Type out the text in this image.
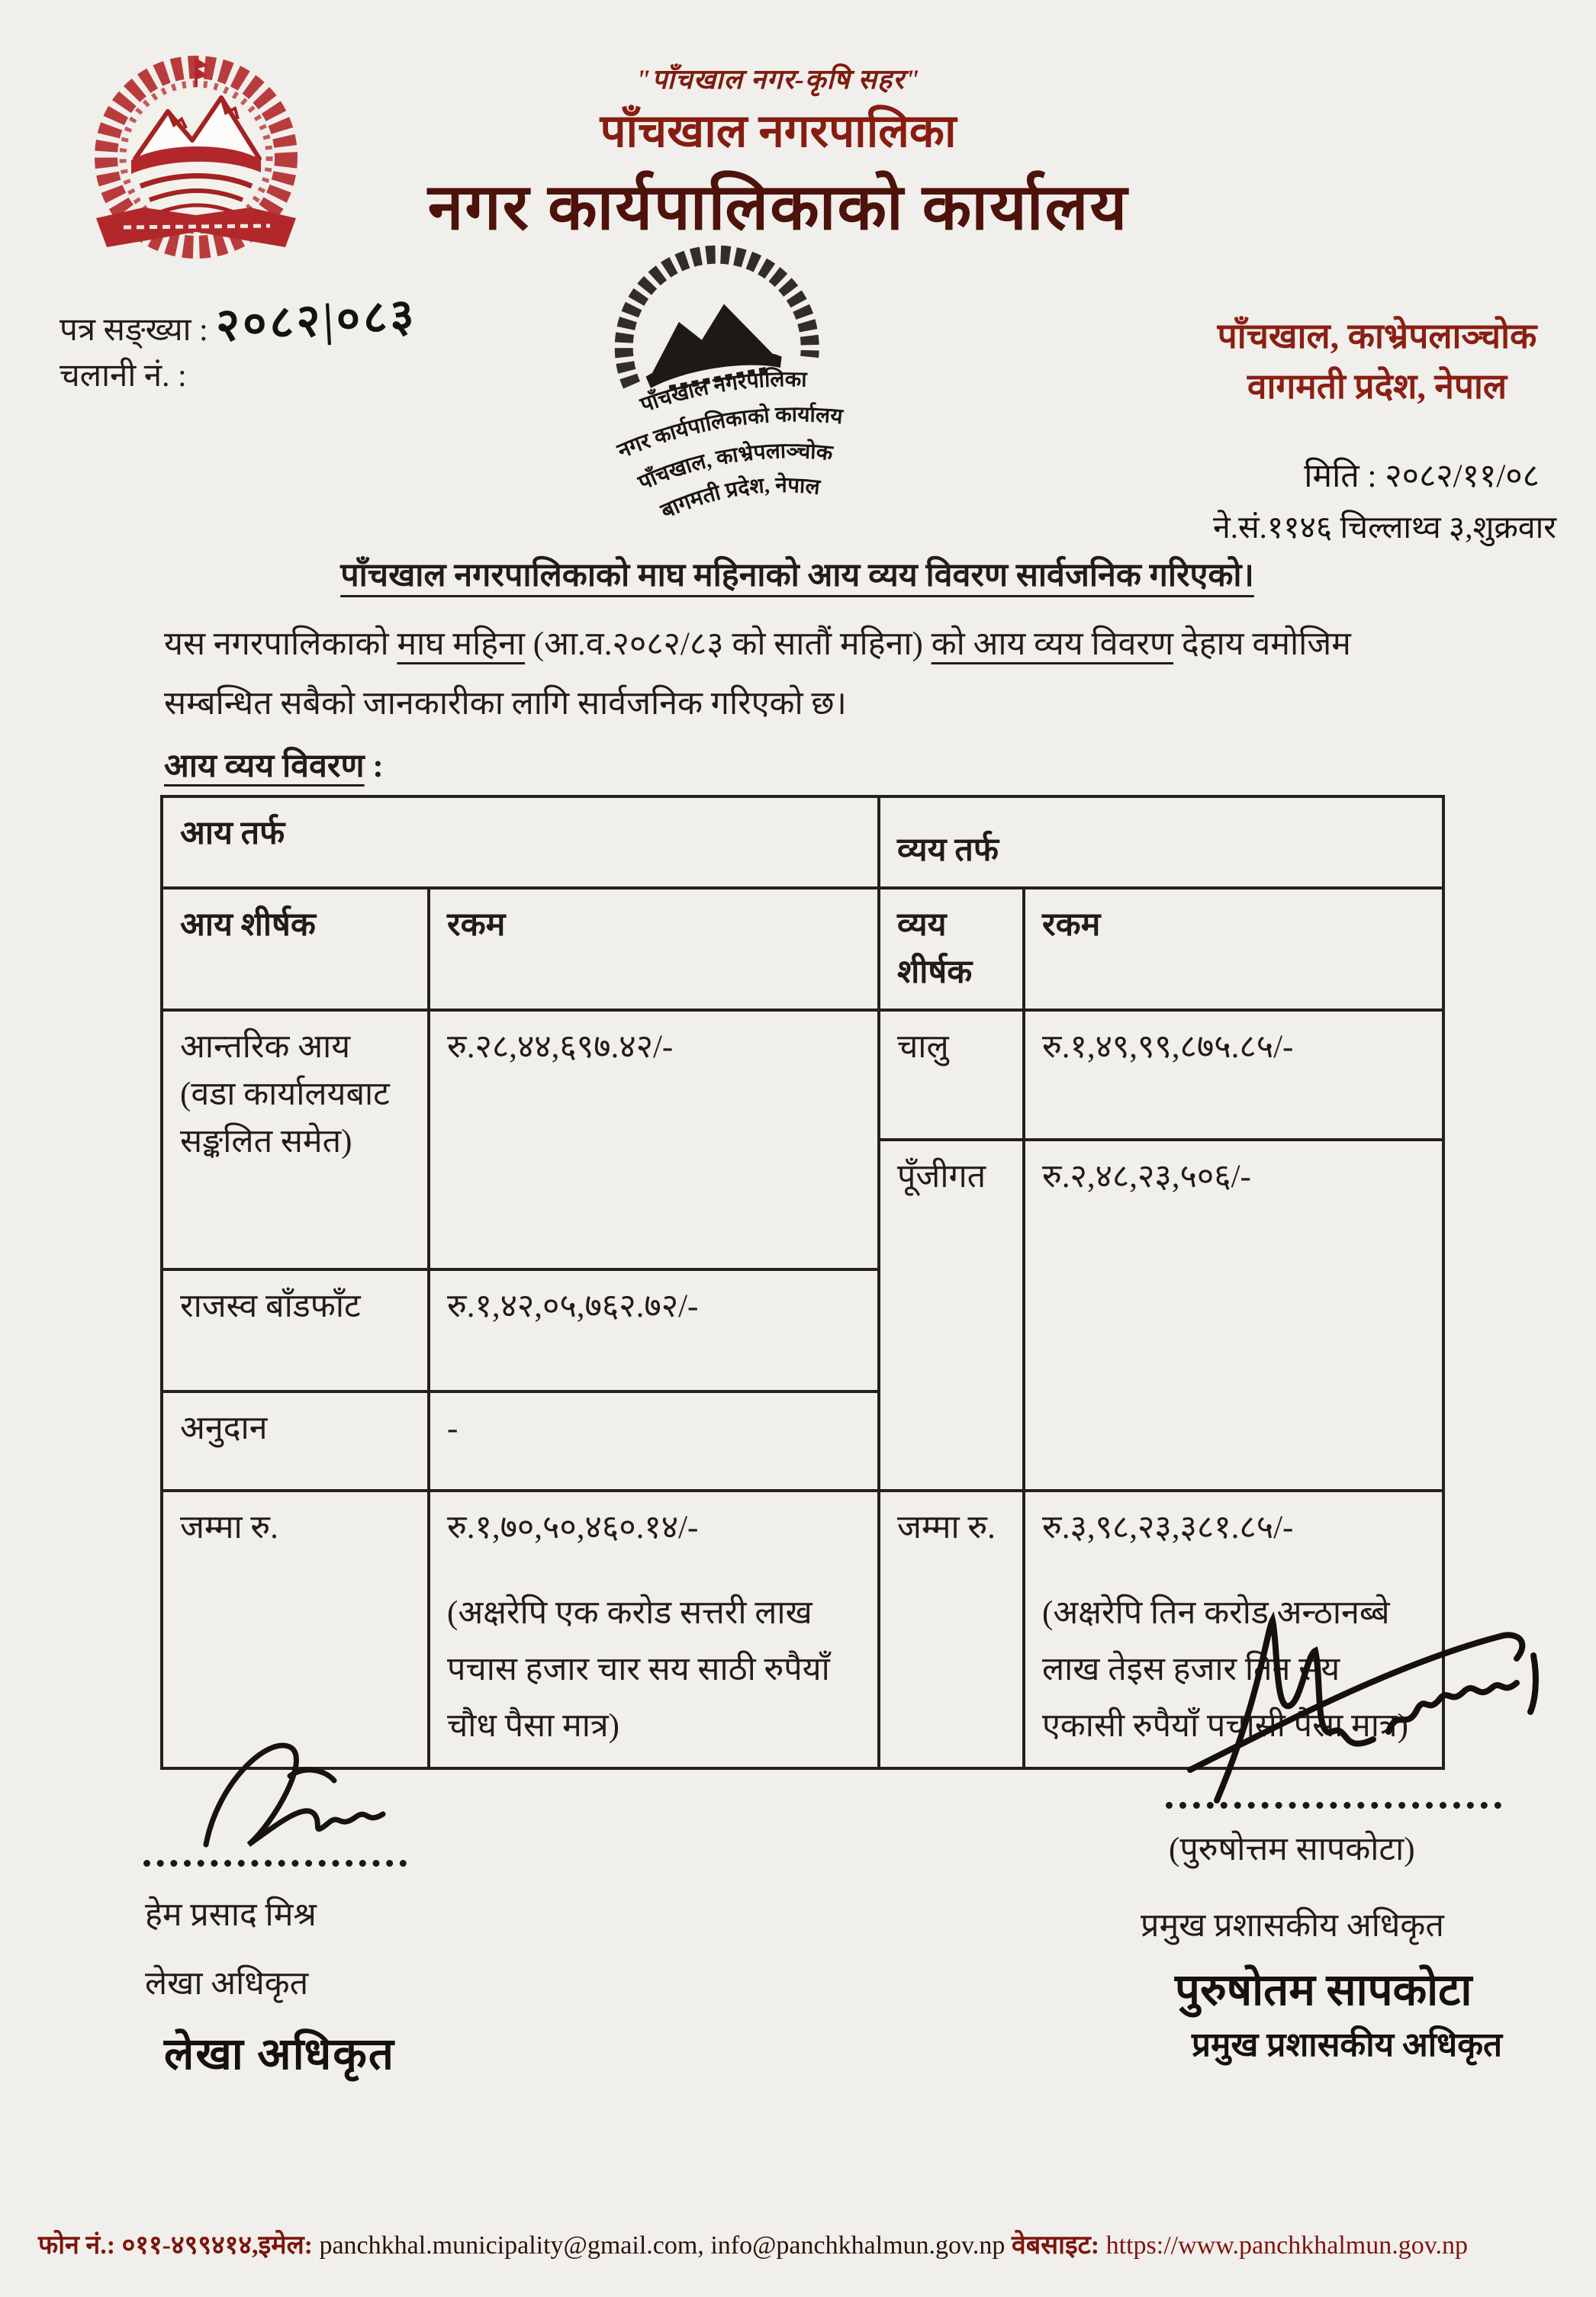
"पाँचखाल नगर-कृषि सहर"
पाँचखाल नगरपालिका
नगर कार्यपालिकाको कार्यालय
पत्र सङ्ख्या : २०८२|०८३
चलानी नं. :
पाँचखाल नगरपालिका
नगर कार्यपालिकाको कार्यालय
पाँचखाल, काभ्रेपलाञ्चोक
बागमती प्रदेश, नेपाल
पाँचखाल, काभ्रेपलाञ्चोक
वागमती प्रदेश, नेपाल
मिति : २०८२/११/०८
ने.सं.११४६ चिल्लाथ्व ३,शुक्रवार
पाँचखाल नगरपालिकाको माघ महिनाको आय व्यय विवरण सार्वजनिक गरिएको।
यस नगरपालिकाको माघ महिना (आ.व.२०८२/८३ को सातौं महिना) को आय व्यय विवरण देहाय वमोजिम सम्बन्धित सबैको जानकारीका लागि सार्वजनिक गरिएको छ।
आय व्यय विवरण :
आय तर्फ		व्यय तर्फ	
आय शीर्षक	रकम	व्यय शीर्षक	रकम
आन्तरिक आय (वडा कार्यालयबाट सङ्कलित समेत)	रु.२८,४४,६९७.४२/-	चालु	रु.१,४९,९९,८७५.८५/-
		पूँजीगत	रु.२,४८,२३,५०६/-
राजस्व बाँडफाँट	रु.१,४२,०५,७६२.७२/-		
अनुदान	-		
जम्मा रु.	रु.१,७०,५०,४६०.१४/-
(अक्षरेपि एक करोड सत्तरी लाख पचास हजार चार सय साठी रुपैयाँ चौध पैसा मात्र)
	जम्मा रु.	रु.३,९८,२३,३८१.८५/-
(अक्षरेपि तिन करोड अन्ठानब्बे लाख तेइस हजार तिन सय एकासी रुपैयाँ पचासी पैसा मात्र)
हेम प्रसाद मिश्र
लेखा अधिकृत
लेखा अधिकृत
(पुरुषोत्तम सापकोटा)
प्रमुख प्रशासकीय अधिकृत
पुरुषोतम सापकोटा
प्रमुख प्रशासकीय अधिकृत
फोन नं.: ०११-४९९४१४,इमेल: panchkhal.municipality@gmail.com, info@panchkhalmun.gov.np वेबसाइट: https://www.panchkhalmun.gov.np
